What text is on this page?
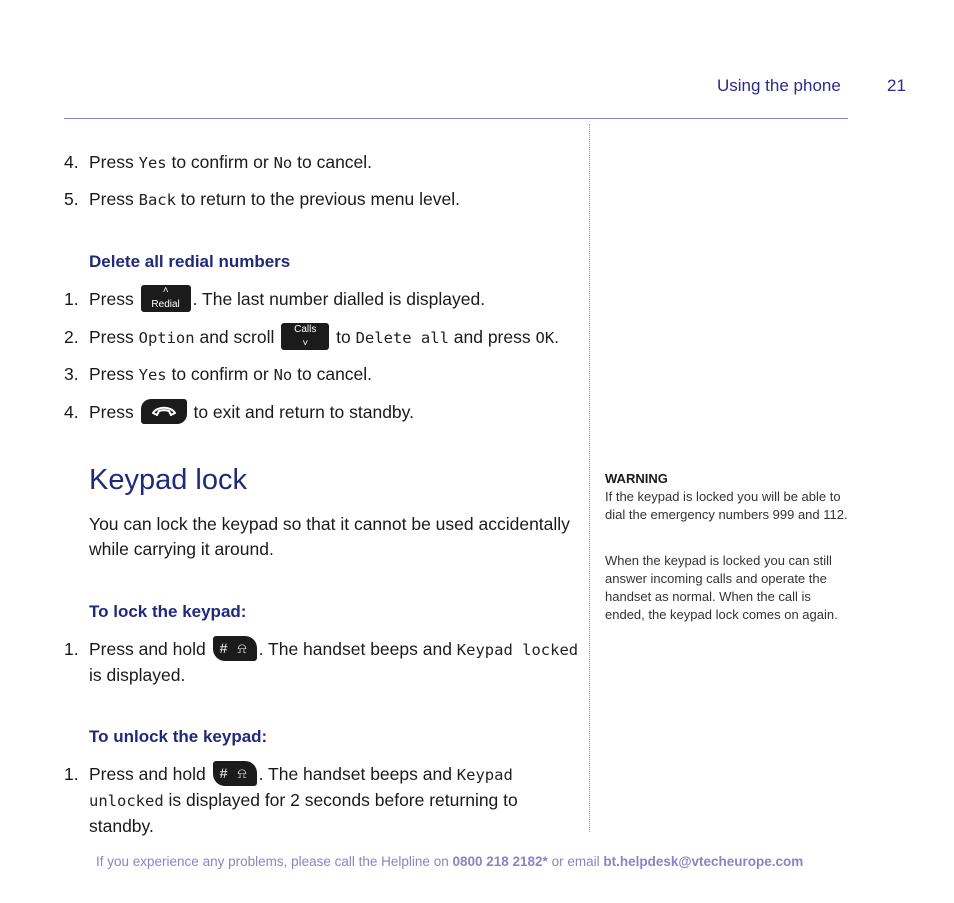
Using the phone	21
4. Press Yes to confirm or No to cancel.
5. Press Back to return to the previous menu level.
Delete all redial numbers
1. Press	˄
Redial . The last number dialled is displayed.
2. Press Option and scroll	Calls
˅	to Delete all and press OK.
3. Press Yes to confirm or No to cancel.
4. Press	to exit and return to standby.
Keypad lock
You can lock the keypad so that it cannot be used accidentally while carrying it around.
To lock the keypad:
1. Press and hold # ⍾ . The handset beeps and Keypad locked
is displayed.
To unlock the keypad:
1. Press and hold # ⍾ . The handset beeps and Keypad
unlocked is displayed for 2 seconds before returning to standby.
WARNING
If the keypad is locked you will be able to dial the emergency numbers 999 and 112.
When the keypad is locked you can still answer incoming calls and operate the handset as normal. When the call is ended, the keypad lock comes on again.
If you experience any problems, please call the Helpline on 0800 218 2182* or email bt.helpdesk@vtecheurope.com
